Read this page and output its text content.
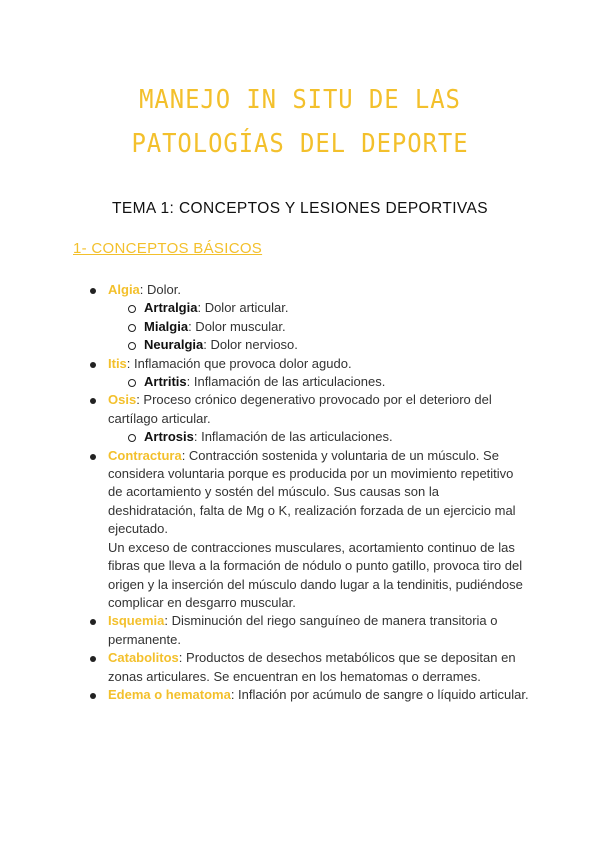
MANEJO IN SITU DE LAS PATOLOGÍAS DEL DEPORTE
TEMA 1: CONCEPTOS Y LESIONES DEPORTIVAS
1- CONCEPTOS BÁSICOS
Algia: Dolor.
Artralgia: Dolor articular.
Mialgia: Dolor muscular.
Neuralgia: Dolor nervioso.
Itis: Inflamación que provoca dolor agudo.
Artritis: Inflamación de las articulaciones.
Osis: Proceso crónico degenerativo provocado por el deterioro del cartílago articular.
Artrosis: Inflamación de las articulaciones.
Contractura: Contracción sostenida y voluntaria de un músculo. Se considera voluntaria porque es producida por un movimiento repetitivo de acortamiento y sostén del músculo. Sus causas son la deshidratación, falta de Mg o K, realización forzada de un ejercicio mal ejecutado.

Un exceso de contracciones musculares, acortamiento continuo de las fibras que lleva a la formación de nódulo o punto gatillo, provoca tiro del origen y la inserción del músculo dando lugar a la tendinitis, pudiéndose complicar en desgarro muscular.

Isquemia: Disminución del riego sanguíneo de manera transitoria o permanente.
Catabolitos: Productos de desechos metabólicos que se depositan en zonas articulares. Se encuentran en los hematomas o derrames.
Edema o hematoma: Inflación por acúmulo de sangre o líquido articular.
